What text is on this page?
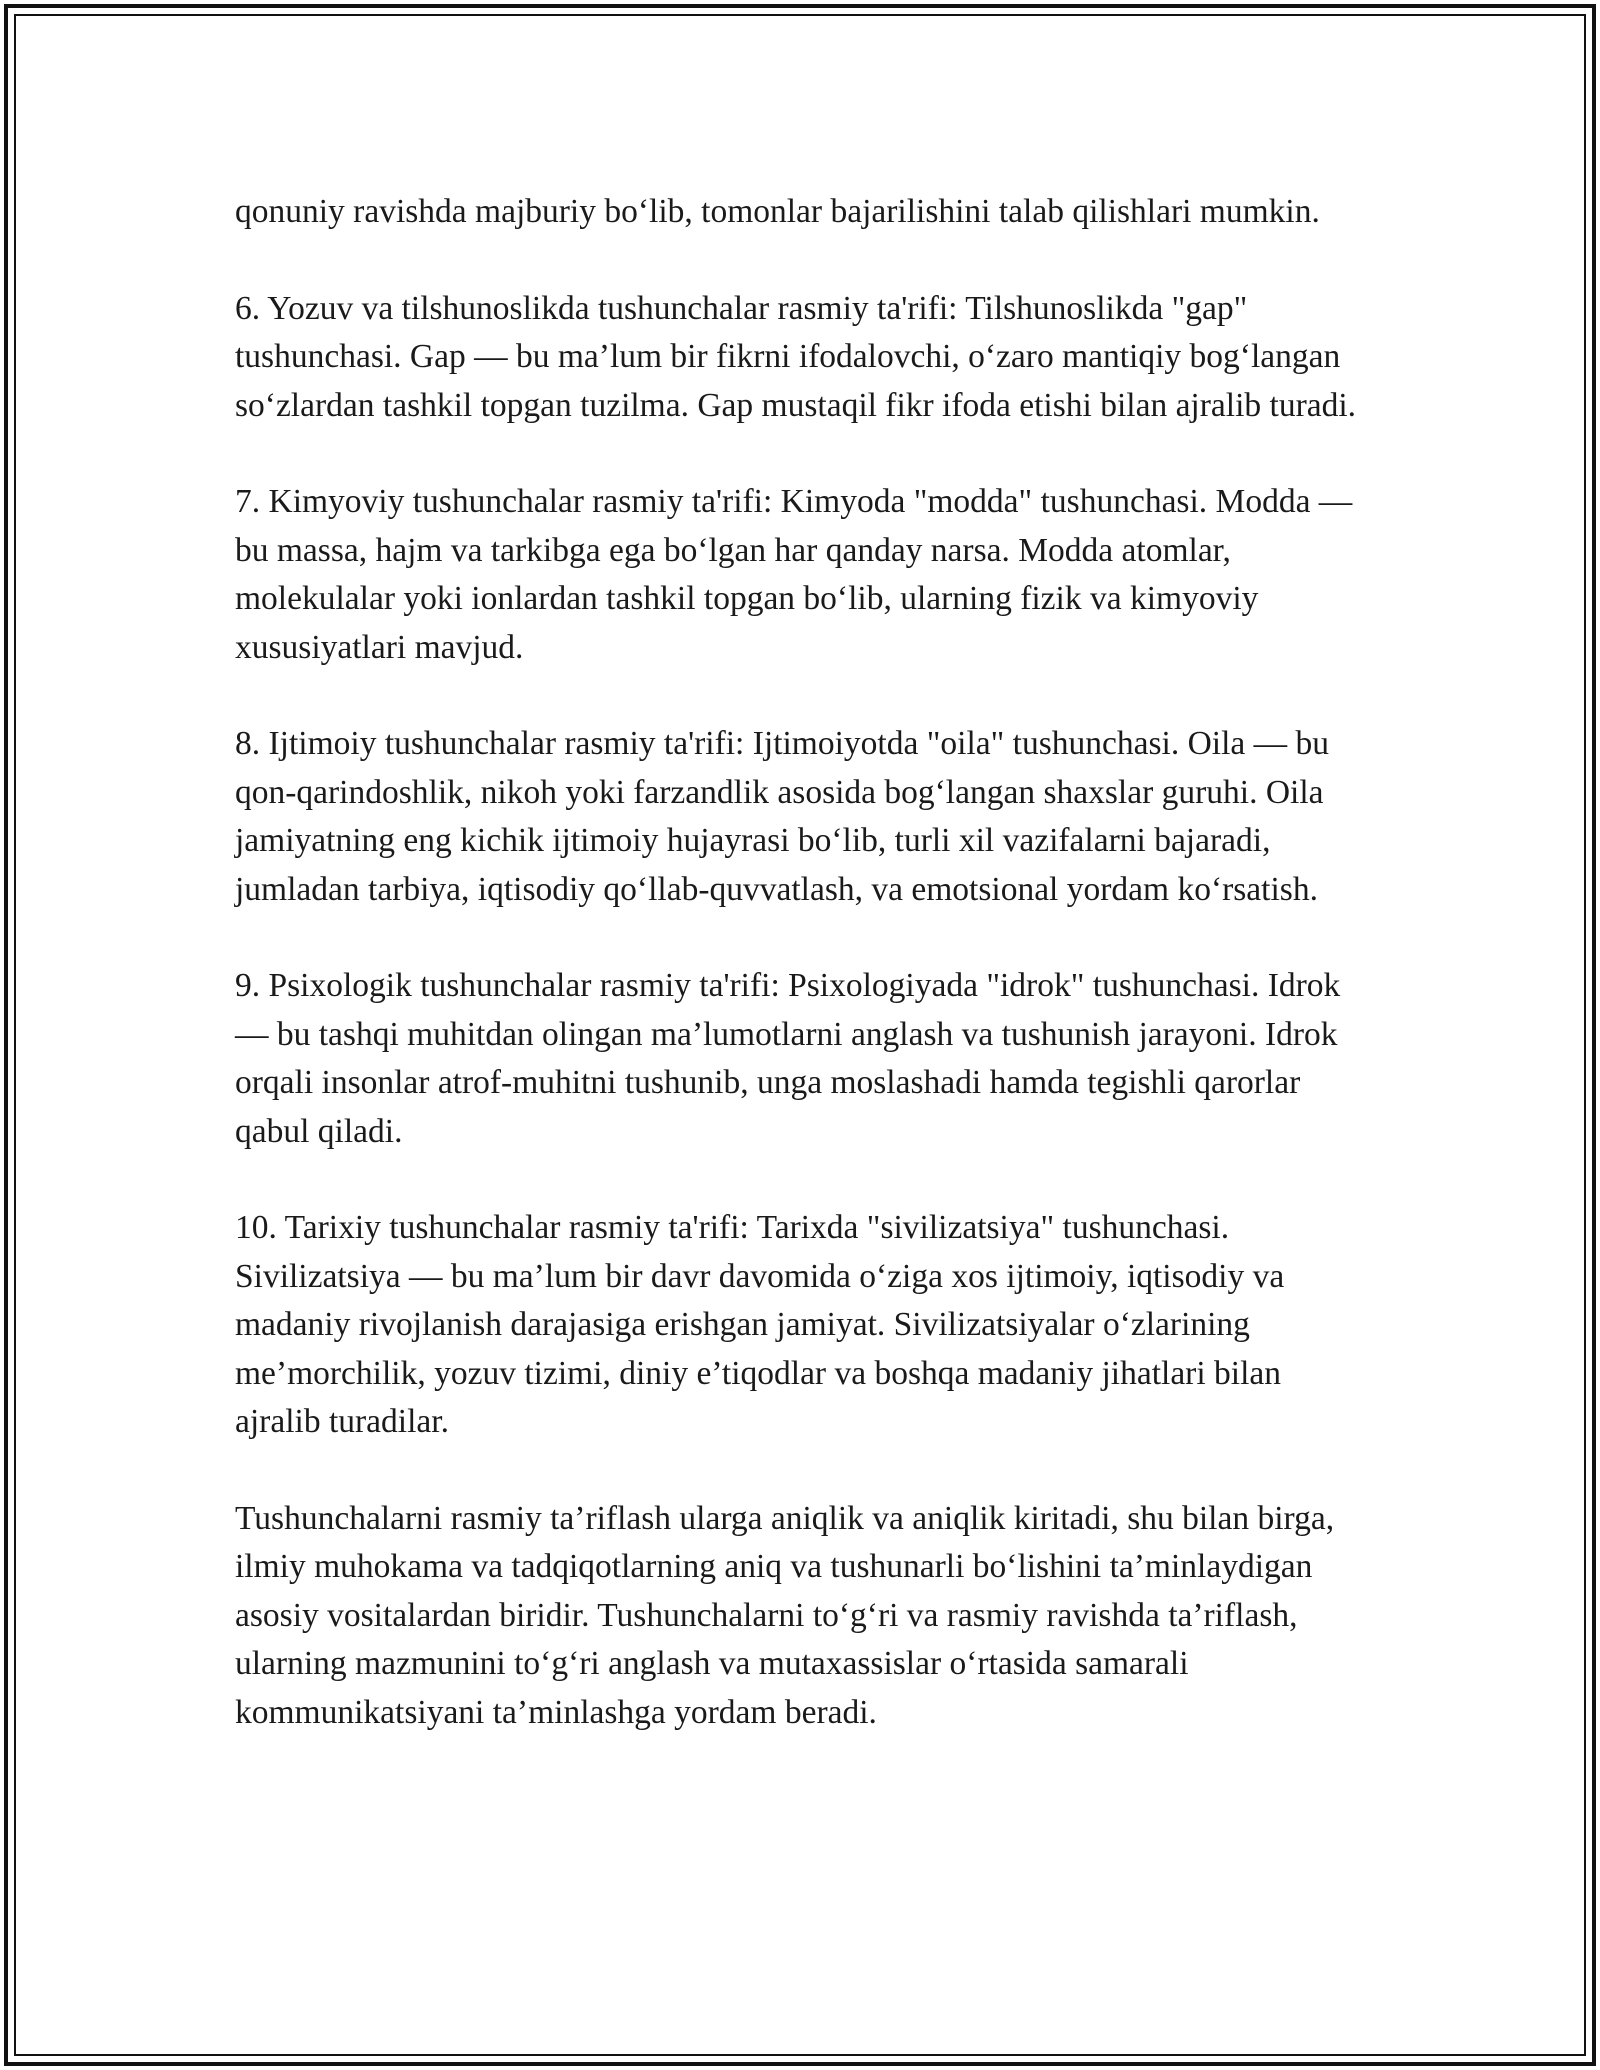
qonuniy ravishda majburiy bo‘lib, tomonlar bajarilishini talab qilishlari mumkin.

6. Yozuv va tilshunoslikda tushunchalar rasmiy ta'rifi: Tilshunoslikda "gap" tushunchasi. Gap — bu ma’lum bir fikrni ifodalovchi, o‘zaro mantiqiy bog‘langan so‘zlardan tashkil topgan tuzilma. Gap mustaqil fikr ifoda etishi bilan ajralib turadi.

7. Kimyoviy tushunchalar rasmiy ta'rifi: Kimyoda "modda" tushunchasi. Modda — bu massa, hajm va tarkibga ega bo‘lgan har qanday narsa. Modda atomlar, molekulalar yoki ionlardan tashkil topgan bo‘lib, ularning fizik va kimyoviy xususiyatlari mavjud.

8. Ijtimoiy tushunchalar rasmiy ta'rifi: Ijtimoiyotda "oila" tushunchasi. Oila — bu qon-qarindoshlik, nikoh yoki farzandlik asosida bog‘langan shaxslar guruhi. Oila jamiyatning eng kichik ijtimoiy hujayrasi bo‘lib, turli xil vazifalarni bajaradi, jumladan tarbiya, iqtisodiy qo‘llab-quvvatlash, va emotsional yordam ko‘rsatish.

9. Psixologik tushunchalar rasmiy ta'rifi: Psixologiyada "idrok" tushunchasi. Idrok — bu tashqi muhitdan olingan ma’lumotlarni anglash va tushunish jarayoni. Idrok orqali insonlar atrof-muhitni tushunib, unga moslashadi hamda tegishli qarorlar qabul qiladi.

10. Tarixiy tushunchalar rasmiy ta'rifi: Tarixda "sivilizatsiya" tushunchasi. Sivilizatsiya — bu ma’lum bir davr davomida o‘ziga xos ijtimoiy, iqtisodiy va madaniy rivojlanish darajasiga erishgan jamiyat. Sivilizatsiyalar o‘zlarining me’morchilik, yozuv tizimi, diniy e’tiqodlar va boshqa madaniy jihatlari bilan ajralib turadilar.

Tushunchalarni rasmiy ta’riflash ularga aniqlik va aniqlik kiritadi, shu bilan birga, ilmiy muhokama va tadqiqotlarning aniq va tushunarli bo‘lishini ta’minlaydigan asosiy vositalardan biridir. Tushunchalarni to‘g‘ri va rasmiy ravishda ta’riflash, ularning mazmunini to‘g‘ri anglash va mutaxassislar o‘rtasida samarali kommunikatsiyani ta’minlashga yordam beradi.
